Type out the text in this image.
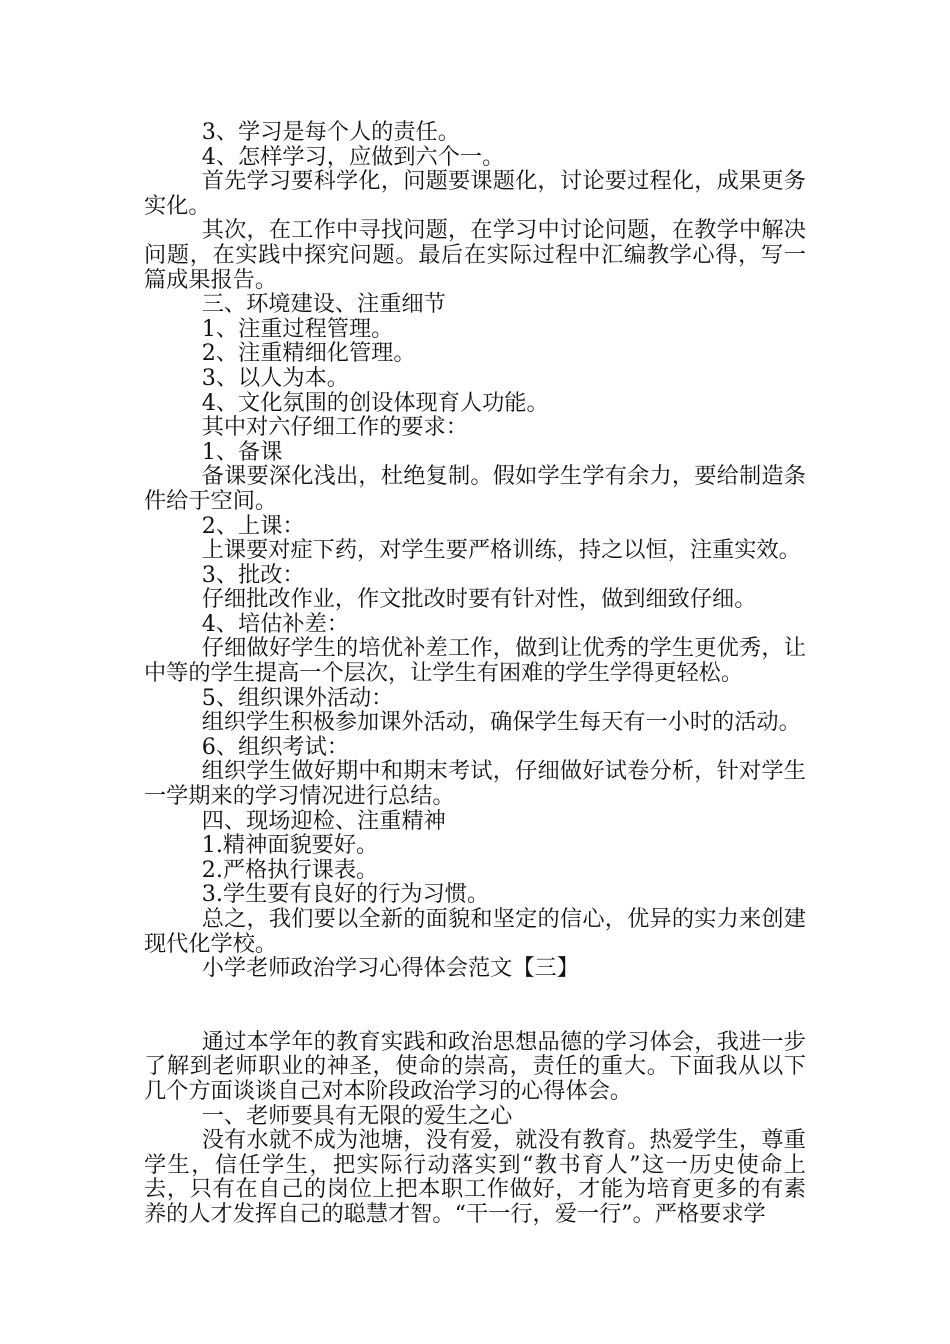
3、学习是每个人的责任。

4、怎样学习，应做到六个一。

首先学习要科学化，问题要课题化，讨论要过程化，成果更务实化。

其次，在工作中寻找问题，在学习中讨论问题，在教学中解决问题，在实践中探究问题。最后在实际过程中汇编教学心得，写一篇成果报告。

三、环境建设、注重细节

1、注重过程管理。

2、注重精细化管理。

3、以人为本。

4、文化氛围的创设体现育人功能。

其中对六仔细工作的要求：

1、备课

备课要深化浅出，杜绝复制。假如学生学有余力，要给制造条件给于空间。

2、上课：

上课要对症下药，对学生要严格训练，持之以恒，注重实效。

3、批改：

仔细批改作业，作文批改时要有针对性，做到细致仔细。

4、培估补差：

仔细做好学生的培优补差工作，做到让优秀的学生更优秀，让中等的学生提高一个层次，让学生有困难的学生学得更轻松。

5、组织课外活动：

组织学生积极参加课外活动，确保学生每天有一小时的活动。

6、组织考试：

组织学生做好期中和期末考试，仔细做好试卷分析，针对学生一学期来的学习情况进行总结。

四、现场迎检、注重精神

1.精神面貌要好。

2.严格执行课表。

3.学生要有良好的行为习惯。

总之，我们要以全新的面貌和坚定的信心，优异的实力来创建现代化学校。

小学老师政治学习心得体会范文【三】

通过本学年的教育实践和政治思想品德的学习体会，我进一步了解到老师职业的神圣，使命的崇高，责任的重大。下面我从以下几个方面谈谈自己对本阶段政治学习的心得体会。

一、老师要具有无限的爱生之心

没有水就不成为池塘，没有爱，就没有教育。热爱学生，尊重学生，信任学生，把实际行动落实到“教书育人”这一历史使命上去，只有在自己的岗位上把本职工作做好，才能为培育更多的有素养的人才发挥自己的聪慧才智。“干一行，爱一行”。严格要求学
